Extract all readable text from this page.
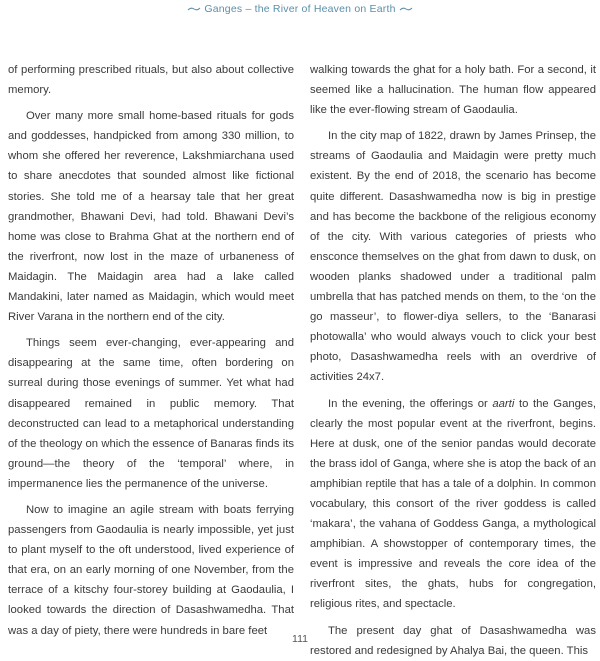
Ganges – the River of Heaven on Earth

of performing prescribed rituals, but also about collective memory.

Over many more small home-based rituals for gods and goddesses, handpicked from among 330 million, to whom she offered her reverence, Lakshmiarchana used to share anecdotes that sounded almost like fictional stories. She told me of a hearsay tale that her great grandmother, Bhawani Devi, had told. Bhawani Devi’s home was close to Brahma Ghat at the northern end of the riverfront, now lost in the maze of urbaneness of Maidagin. The Maidagin area had a lake called Mandakini, later named as Maidagin, which would meet River Varana in the northern end of the city.

Things seem ever-changing, ever-appearing and disappearing at the same time, often bordering on surreal during those evenings of summer. Yet what had disappeared remained in public memory. That deconstructed can lead to a metaphorical understanding of the theology on which the essence of Banaras finds its ground—the theory of the ‘temporal’ where, in impermanence lies the permanence of the universe.

Now to imagine an agile stream with boats ferrying passengers from Gaodaulia is nearly impossible, yet just to plant myself to the oft understood, lived experience of that era, on an early morning of one November, from the terrace of a kitschy four-storey building at Gaodaulia, I looked towards the direction of Dasashwamedha. That was a day of piety, there were hundreds in bare feet

walking towards the ghat for a holy bath. For a second, it seemed like a hallucination. The human flow appeared like the ever-flowing stream of Gaodaulia.

In the city map of 1822, drawn by James Prinsep, the streams of Gaodaulia and Maidagin were pretty much existent. By the end of 2018, the scenario has become quite different. Dasashwamedha now is big in prestige and has become the backbone of the religious economy of the city. With various categories of priests who ensconce themselves on the ghat from dawn to dusk, on wooden planks shadowed under a traditional palm umbrella that has patched mends on them, to the ‘on the go masseur’, to flower-diya sellers, to the ‘Banarasi photowalla’ who would always vouch to click your best photo, Dasashwamedha reels with an overdrive of activities 24x7.

In the evening, the offerings or aarti to the Ganges, clearly the most popular event at the riverfront, begins. Here at dusk, one of the senior pandas would decorate the brass idol of Ganga, where she is atop the back of an amphibian reptile that has a tale of a dolphin. In common vocabulary, this consort of the river goddess is called ‘makara’, the vahana of Goddess Ganga, a mythological amphibian. A showstopper of contemporary times, the event is impressive and reveals the core idea of the riverfront sites, the ghats, hubs for congregation, religious rites, and spectacle.

The present day ghat of Dasashwamedha was restored and redesigned by Ahalya Bai, the queen. This

111
